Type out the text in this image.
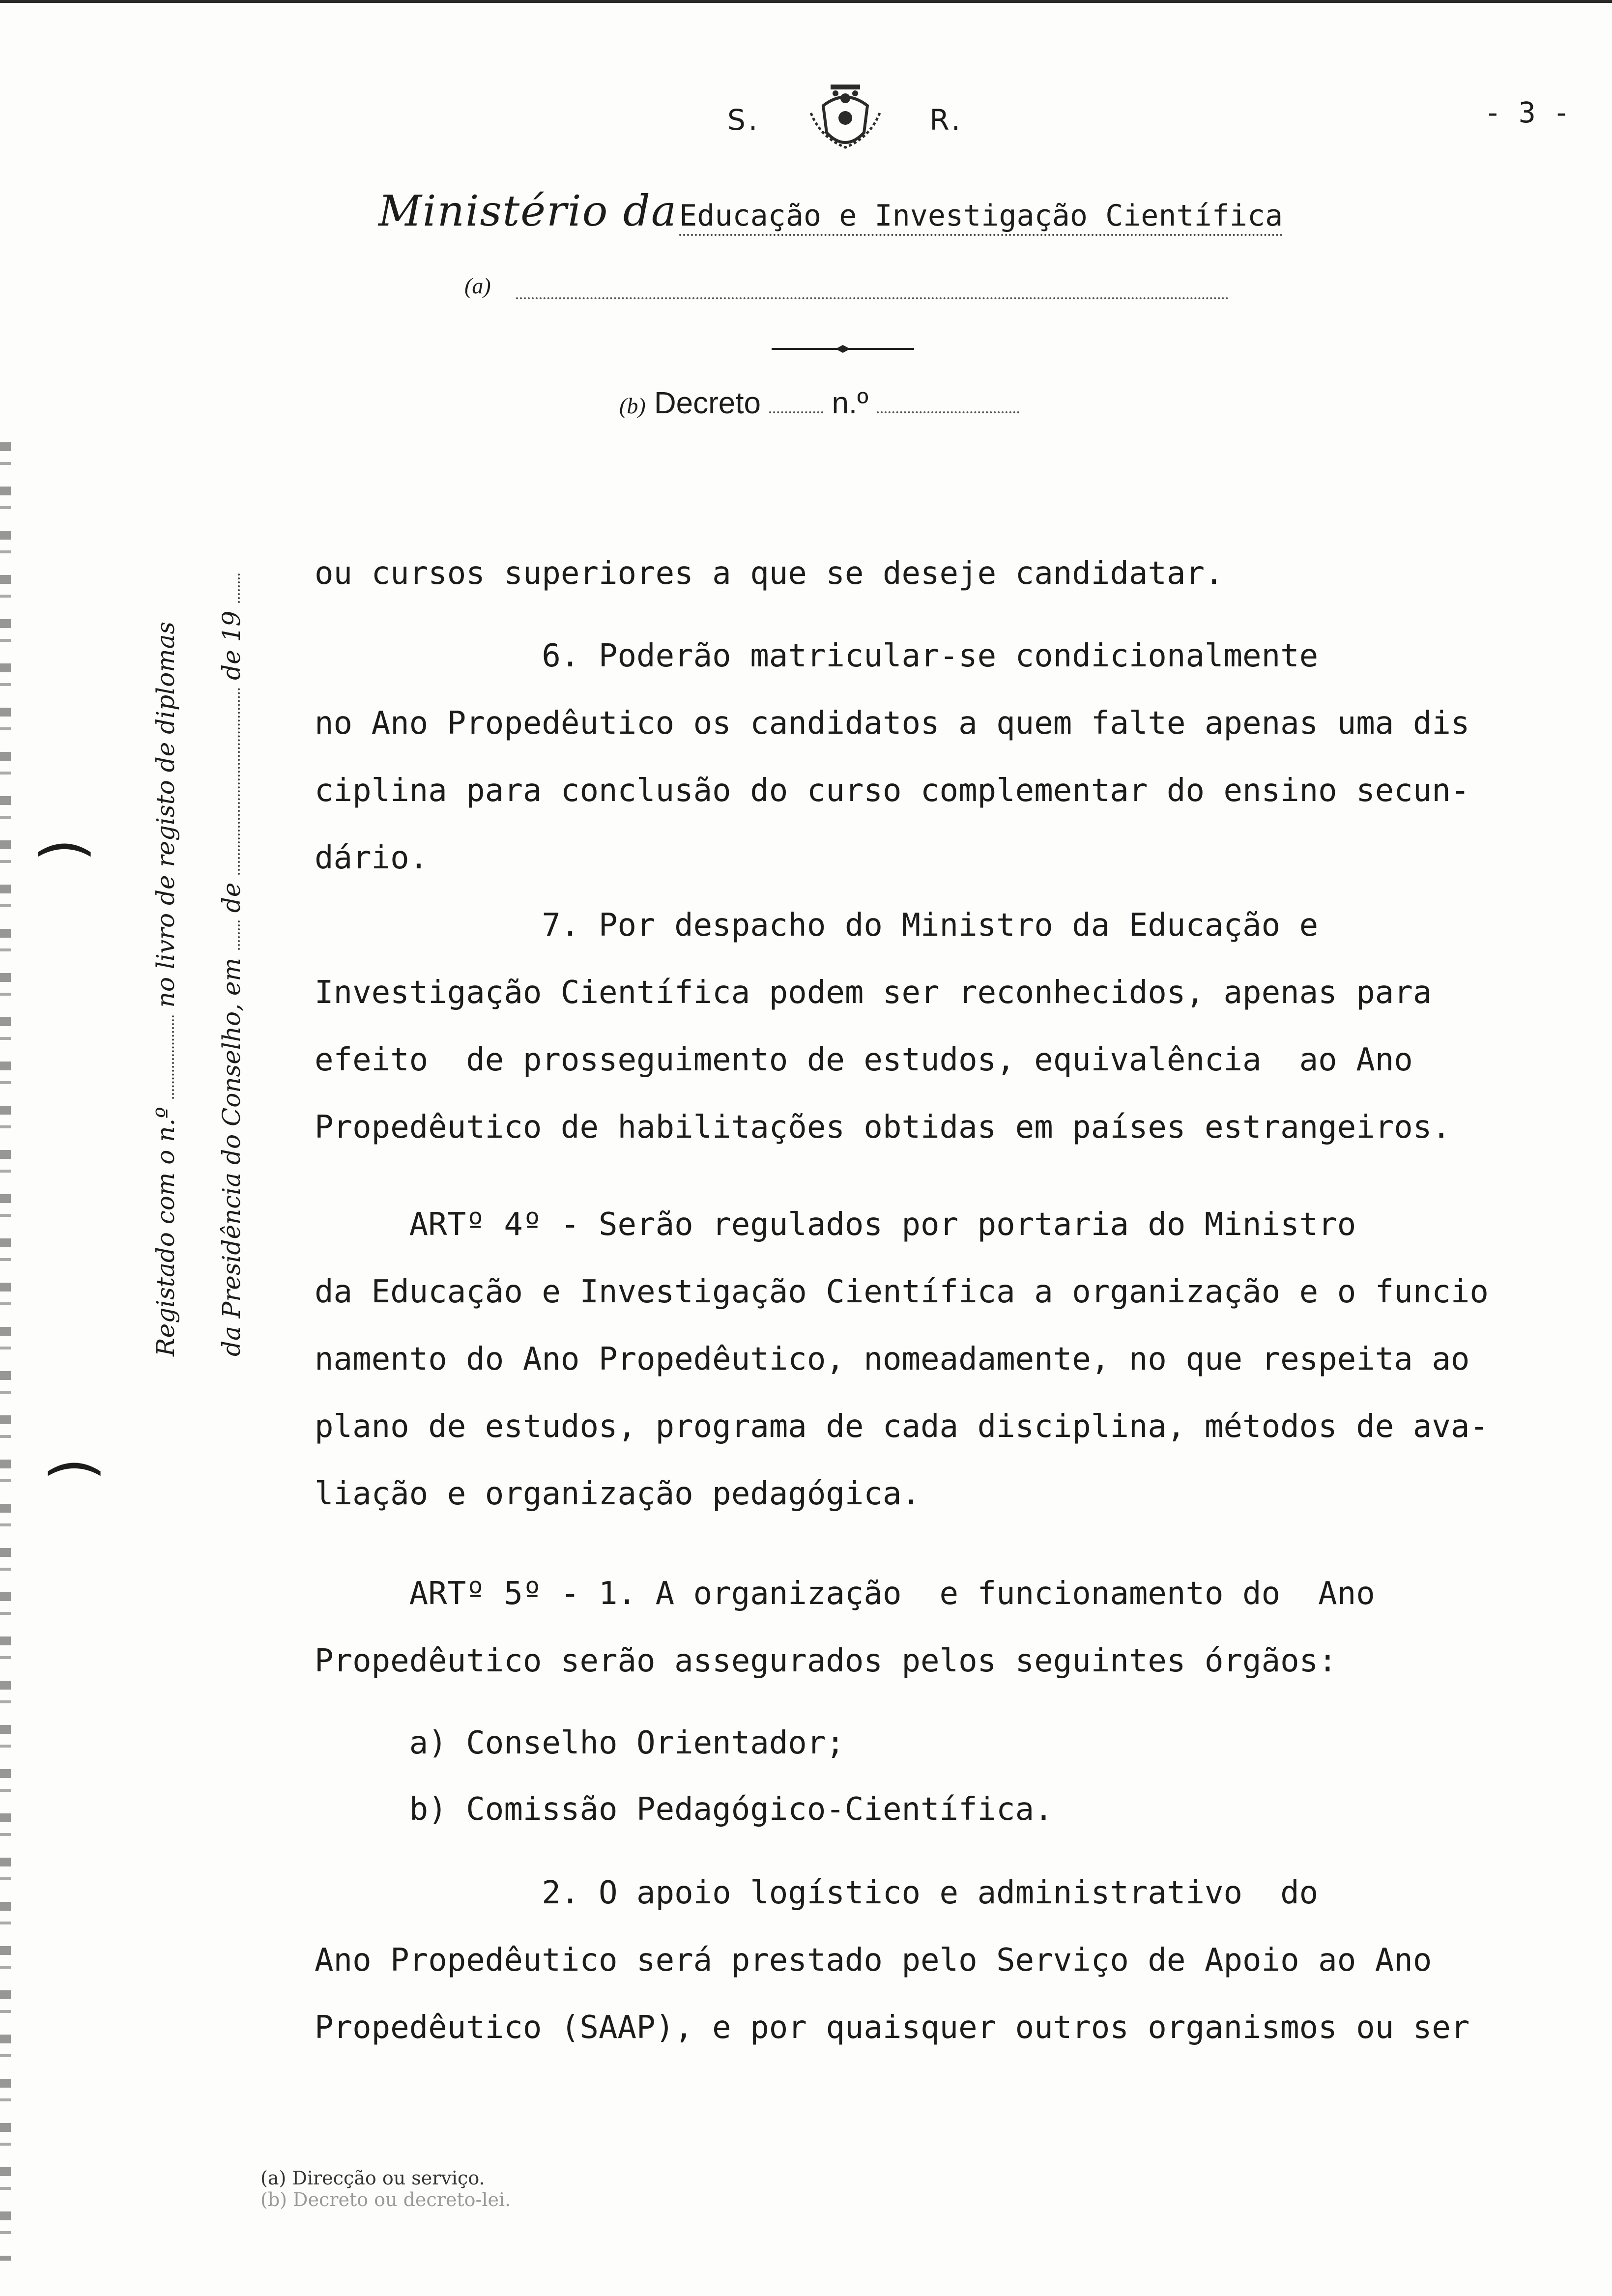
S.	R.	- 3 -
Ministério da Educação e Investigação Científica
(a)
(b) Decreto n.º
(
(
Registado com o n.º  no livro de registo de diplomas
da Presidência do Conselho, em  de  de 19
ou cursos superiores a que se deseje candidatar.
6. Poderão matricular-se condicionalmente
no Ano Propedêutico os candidatos a quem falte apenas uma dis
ciplina para conclusão do curso complementar do ensino secun-
dário.
7. Por despacho do Ministro da Educação e
Investigação Científica podem ser reconhecidos, apenas para
efeito  de prosseguimento de estudos, equivalência  ao Ano
Propedêutico de habilitações obtidas em países estrangeiros.
ARTº 4º - Serão regulados por portaria do Ministro
da Educação e Investigação Científica a organização e o funcio
namento do Ano Propedêutico, nomeadamente, no que respeita ao
plano de estudos, programa de cada disciplina, métodos de ava-
liação e organização pedagógica.
ARTº 5º - 1. A organização  e funcionamento do  Ano
Propedêutico serão assegurados pelos seguintes órgãos:
a) Conselho Orientador;
b) Comissão Pedagógico-Científica.
2. O apoio logístico e administrativo  do
Ano Propedêutico será prestado pelo Serviço de Apoio ao Ano
Propedêutico (SAAP), e por quaisquer outros organismos ou ser
(a) Direcção ou serviço.
(b) Decreto ou decreto-lei.
